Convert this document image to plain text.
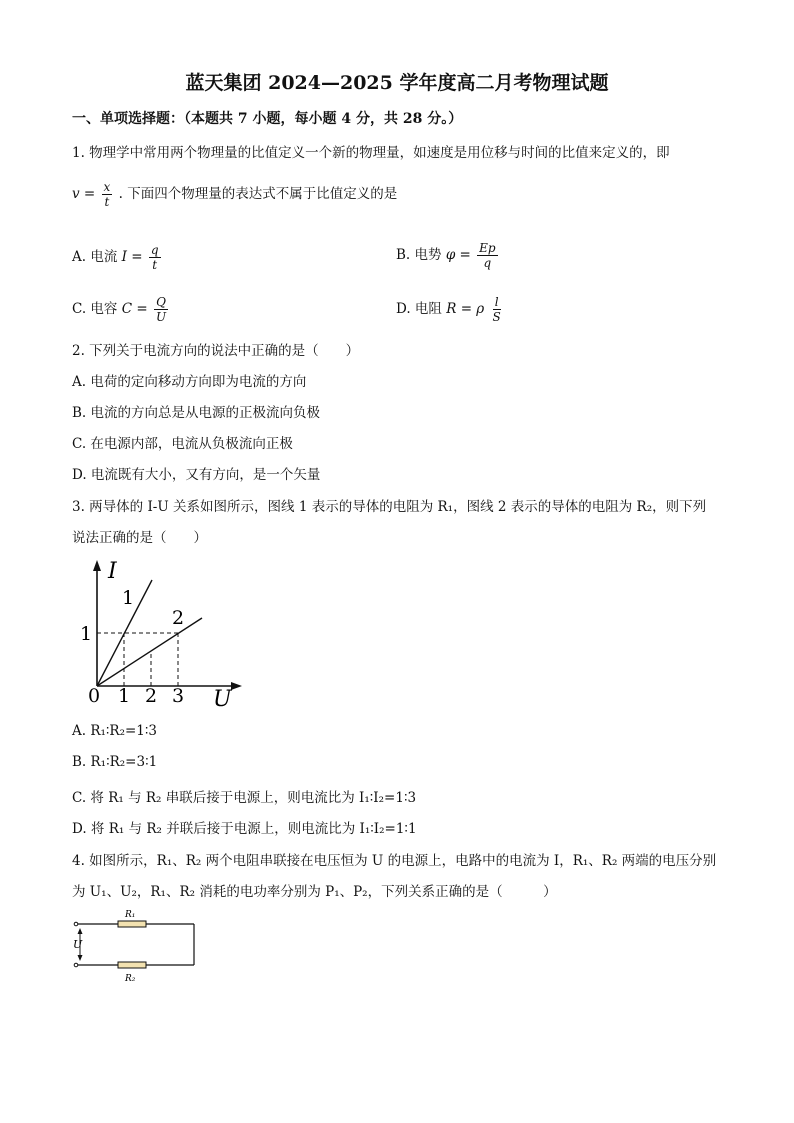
蓝天集团 2024—2025 学年度高二月考物理试题
一、单项选择题：（本题共 7 小题，每小题 4 分，共 28 分。）
1. 物理学中常用两个物理量的比值定义一个新的物理量，如速度是用位移与时间的比值来定义的，即
$v = \frac{x}{t}$ . 下面四个物理量的表达式不属于比值定义的是
A. 电流 $I = \frac{q}{t}$	B. 电势 $\varphi = \frac{Ep}{q}$
C. 电容 $C = \frac{Q}{U}$	D. 电阻 R = ρ $\frac{l}{S}$
2. 下列关于电流方向的说法中正确的是（　　）
A. 电荷的定向移动方向即为电流的方向
B. 电流的方向总是从电源的正极流向负极
C. 在电源内部，电流从负极流向正极
D. 电流既有大小，又有方向，是一个矢量
3. 两导体的 I-U 关系如图所示，图线 1 表示的导体的电阻为 R₁，图线 2 表示的导体的电阻为 R₂，则下列
说法正确的是（　　）
I
U
0
1
1 2 3
1
2
A. R₁∶R₂=1∶3
B. R₁∶R₂=3∶1
C. 将 R₁ 与 R₂ 串联后接于电源上，则电流比为 I₁∶I₂=1∶3
D. 将 R₁ 与 R₂ 并联后接于电源上，则电流比为 I₁∶I₂=1∶1
4. 如图所示，R₁、R₂ 两个电阻串联接在电压恒为 U 的电源上，电路中的电流为 I，R₁、R₂ 两端的电压分别
为 U₁、U₂，R₁、R₂ 消耗的电功率分别为 P₁、P₂，下列关系正确的是（　　　）
R₁
R₂
U
